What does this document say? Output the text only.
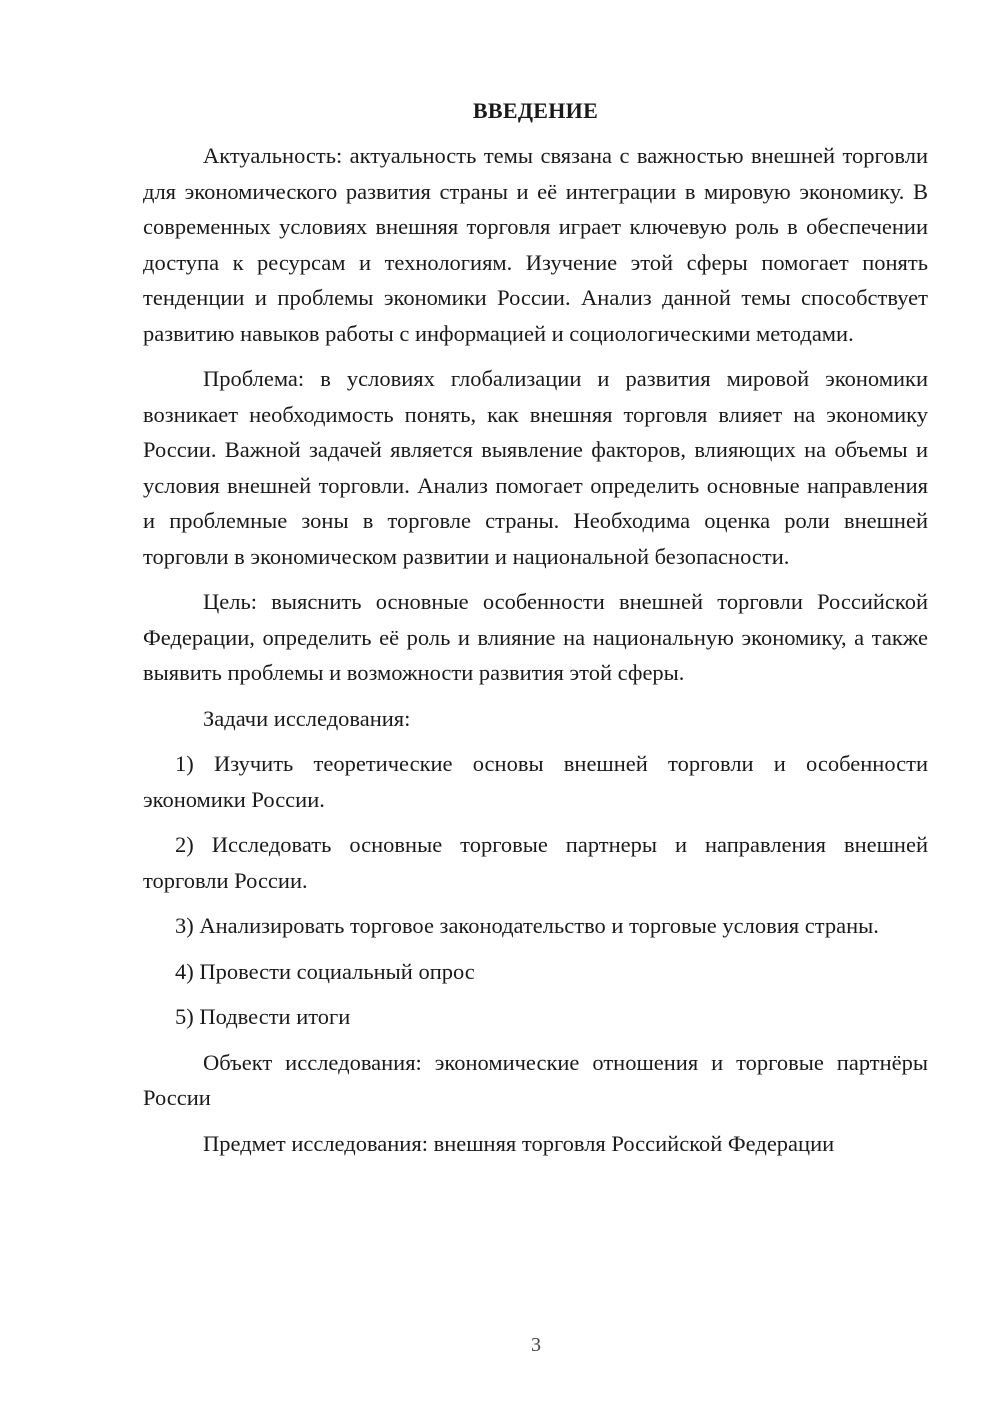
ВВЕДЕНИЕ

Актуальность: актуальность темы связана с важностью внешней торговли для экономического развития страны и её интеграции в мировую экономику. В современных условиях внешняя торговля играет ключевую роль в обеспечении доступа к ресурсам и технологиям. Изучение этой сферы помогает понять тенденции и проблемы экономики России. Анализ данной темы способствует развитию навыков работы с информацией и социологическими методами.

Проблема: в условиях глобализации и развития мировой экономики возникает необходимость понять, как внешняя торговля влияет на экономику России. Важной задачей является выявление факторов, влияющих на объемы и условия внешней торговли. Анализ помогает определить основные направления и проблемные зоны в торговле страны. Необходима оценка роли внешней торговли в экономическом развитии и национальной безопасности.

Цель: выяснить основные особенности внешней торговли Российской Федерации, определить её роль и влияние на национальную экономику, а также выявить проблемы и возможности развития этой сферы.

Задачи исследования:

1) Изучить теоретические основы внешней торговли и особенности экономики России.

2) Исследовать основные торговые партнеры и направления внешней торговли России.

3) Анализировать торговое законодательство и торговые условия страны.

4) Провести социальный опрос

5) Подвести итоги

Объект исследования: экономические отношения и торговые партнёры России

Предмет исследования: внешняя торговля Российской Федерации

3
